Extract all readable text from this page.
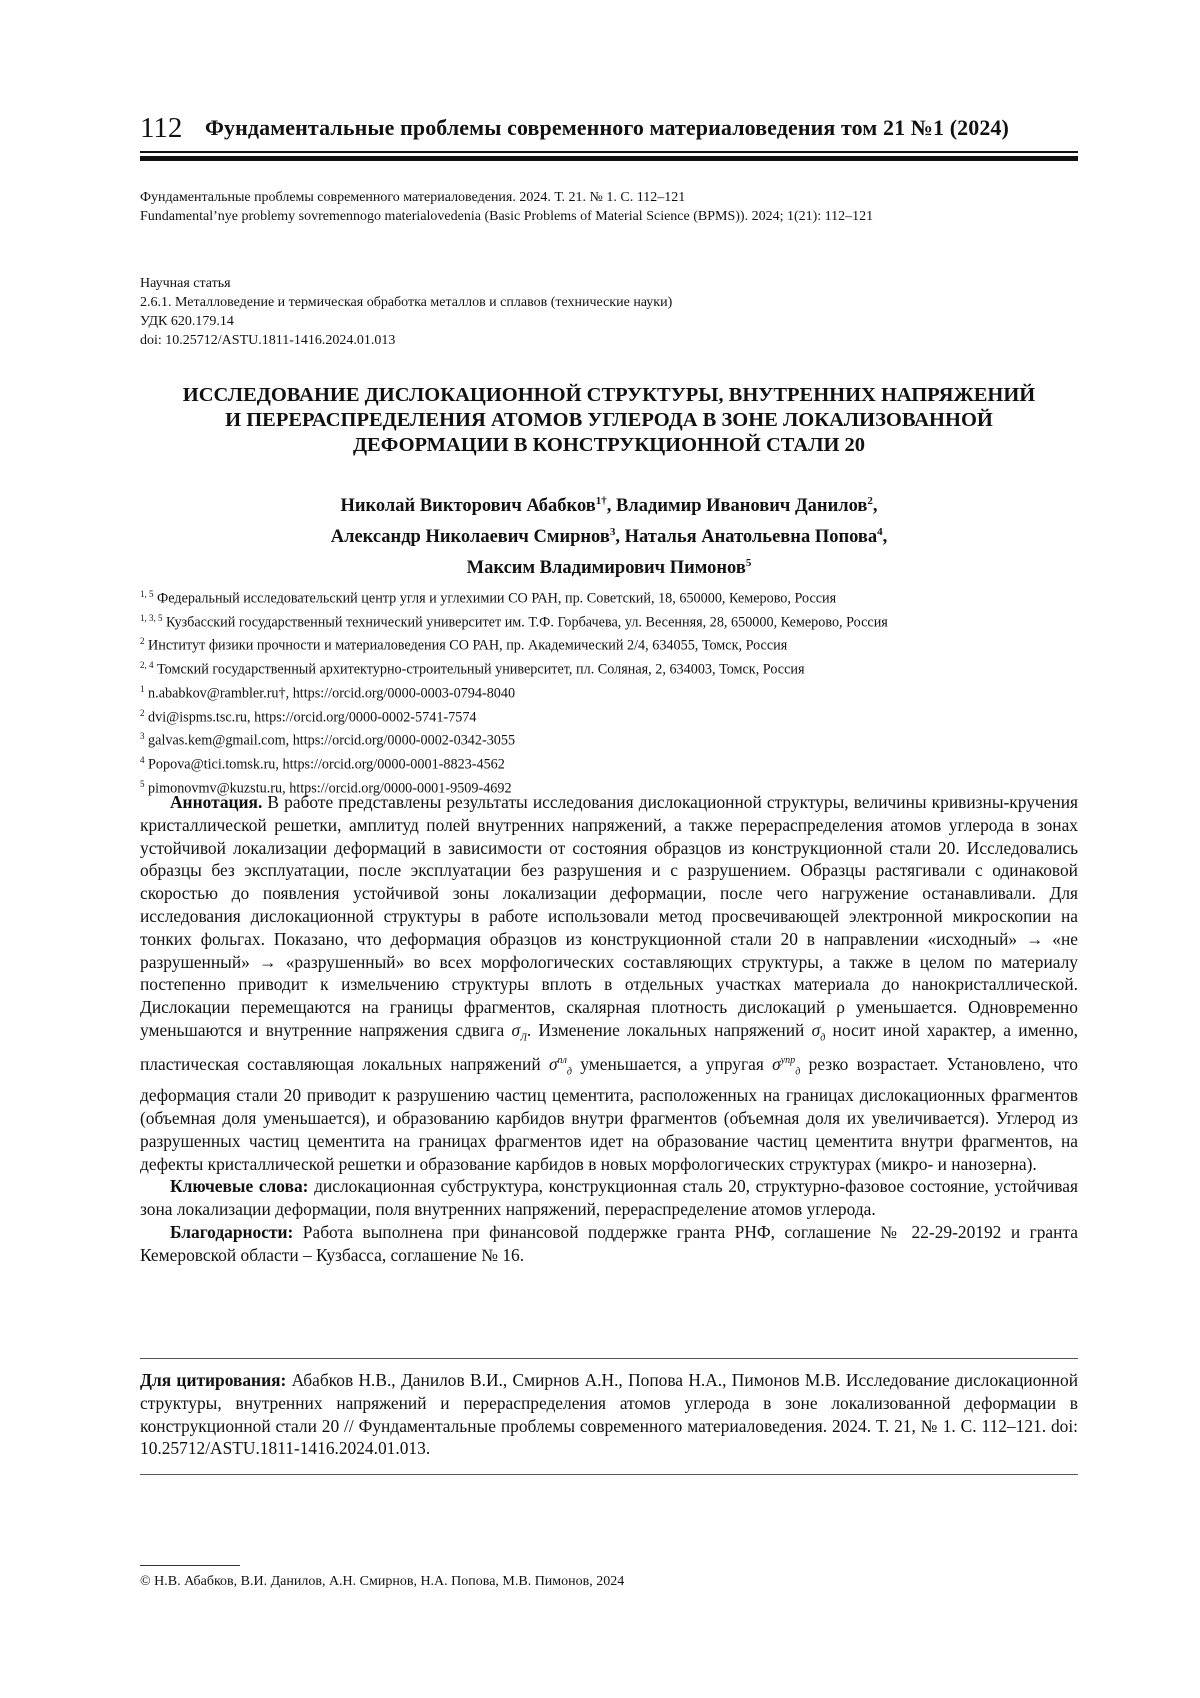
112 Фундаментальные проблемы современного материаловедения том 21 №1 (2024)
Фундаментальные проблемы современного материаловедения. 2024. Т. 21. № 1. С. 112–121
Fundamental’nye problemy sovremennogo materialovedenia (Basic Problems of Material Science (BPMS)). 2024; 1(21): 112–121
Научная статья
2.6.1. Металловедение и термическая обработка металлов и сплавов (технические науки)
УДК 620.179.14
doi: 10.25712/ASTU.1811-1416.2024.01.013
ИССЛЕДОВАНИЕ ДИСЛОКАЦИОННОЙ СТРУКТУРЫ, ВНУТРЕННИХ НАПРЯЖЕНИЙ
И ПЕРЕРАСПРЕДЕЛЕНИЯ АТОМОВ УГЛЕРОДА В ЗОНЕ ЛОКАЛИЗОВАННОЙ
ДЕФОРМАЦИИ В КОНСТРУКЦИОННОЙ СТАЛИ 20
Николай Викторович Абабков$^{1\dagger}$, Владимир Иванович Данилов$^2$,
Александр Николаевич Смирнов$^3$, Наталья Анатольевна Попова$^4$,
Максим Владимирович Пимонов$^5$
$^{1, 5}$ Федеральный исследовательский центр угля и углехимии СО РАН, пр. Советский, 18, 650000, Кемерово, Россия
$^{1, 3, 5}$ Кузбасский государственный технический университет им. Т.Ф. Горбачева, ул. Весенняя, 28, 650000, Кемерово, Россия
$^2$ Институт физики прочности и материаловедения СО РАН, пр. Академический 2/4, 634055, Томск, Россия
$^{2, 4}$ Томский государственный архитектурно-строительный университет, пл. Соляная, 2, 634003, Томск, Россия
$^1$ n.ababkov@rambler.ru†, https://orcid.org/0000-0003-0794-8040
$^2$ dvi@ispms.tsc.ru, https://orcid.org/0000-0002-5741-7574
$^3$ galvas.kem@gmail.com, https://orcid.org/0000-0002-0342-3055
$^4$ Popova@tici.tomsk.ru, https://orcid.org/0000-0001-8823-4562
$^5$ pimonovmv@kuzstu.ru, https://orcid.org/0000-0001-9509-4692

Аннотация. В работе представлены результаты исследования дислокационной структуры, величины кривизны-кручения кристаллической решетки, амплитуд полей внутренних напряжений, а также перераспределения атомов углерода в зонах устойчивой локализации деформаций в зависимости от состояния образцов из конструкционной стали 20. Исследовались образцы без эксплуатации, после эксплуатации без разрушения и с разрушением. Образцы растягивали с одинаковой скоростью до появления устойчивой зоны локализации деформации, после чего нагружение останавливали. Для исследования дислокационной структуры в работе использовали метод просвечивающей электронной микроскопии на тонких фольгах. Показано, что деформация образцов из конструкционной стали 20 в направлении «исходный» → «не разрушенный» → «разрушенный» во всех морфологических составляющих структуры, а также в целом по материалу постепенно приводит к измельчению структуры вплоть в отдельных участках материала до нанокристаллической. Дислокации перемещаются на границы фрагментов, скалярная плотность дислокаций ρ уменьшается. Одновременно уменьшаются и внутренние напряжения сдвига $\sigma_Л$. Изменение локальных напряжений $\sigma_д$ носит иной характер, а именно, пластическая составляющая локальных напряжений $\sigma^{пл}_д$ уменьшается, а упругая $\sigma^{упр}_д$ резко возрастает. Установлено, что деформация стали 20 приводит к разрушению частиц цементита, расположенных на границах дислокационных фрагментов (объемная доля уменьшается), и образованию карбидов внутри фрагментов (объемная доля их увеличивается). Углерод из разрушенных частиц цементита на границах фрагментов идет на образование частиц цементита внутри фрагментов, на дефекты кристаллической решетки и образование карбидов в новых морфологических структурах (микро- и нанозерна).

Ключевые слова: дислокационная субструктура, конструкционная сталь 20, структурно-фазовое состояние, устойчивая зона локализации деформации, поля внутренних напряжений, перераспределение атомов углерода.

Благодарности: Работа выполнена при финансовой поддержке гранта РНФ, соглашение № 22-29-20192 и гранта Кемеровской области – Кузбасса, соглашение № 16.

Для цитирования: Абабков Н.В., Данилов В.И., Смирнов А.Н., Попова Н.А., Пимонов М.В. Исследование дислокационной структуры, внутренних напряжений и перераспределения атомов углерода в зоне локализованной деформации в конструкционной стали 20 // Фундаментальные проблемы современного материаловедения. 2024. Т. 21, № 1. С. 112–121. doi: 10.25712/ASTU.1811-1416.2024.01.013.
© Н.В. Абабков, В.И. Данилов, А.Н. Смирнов, Н.А. Попова, М.В. Пимонов, 2024
